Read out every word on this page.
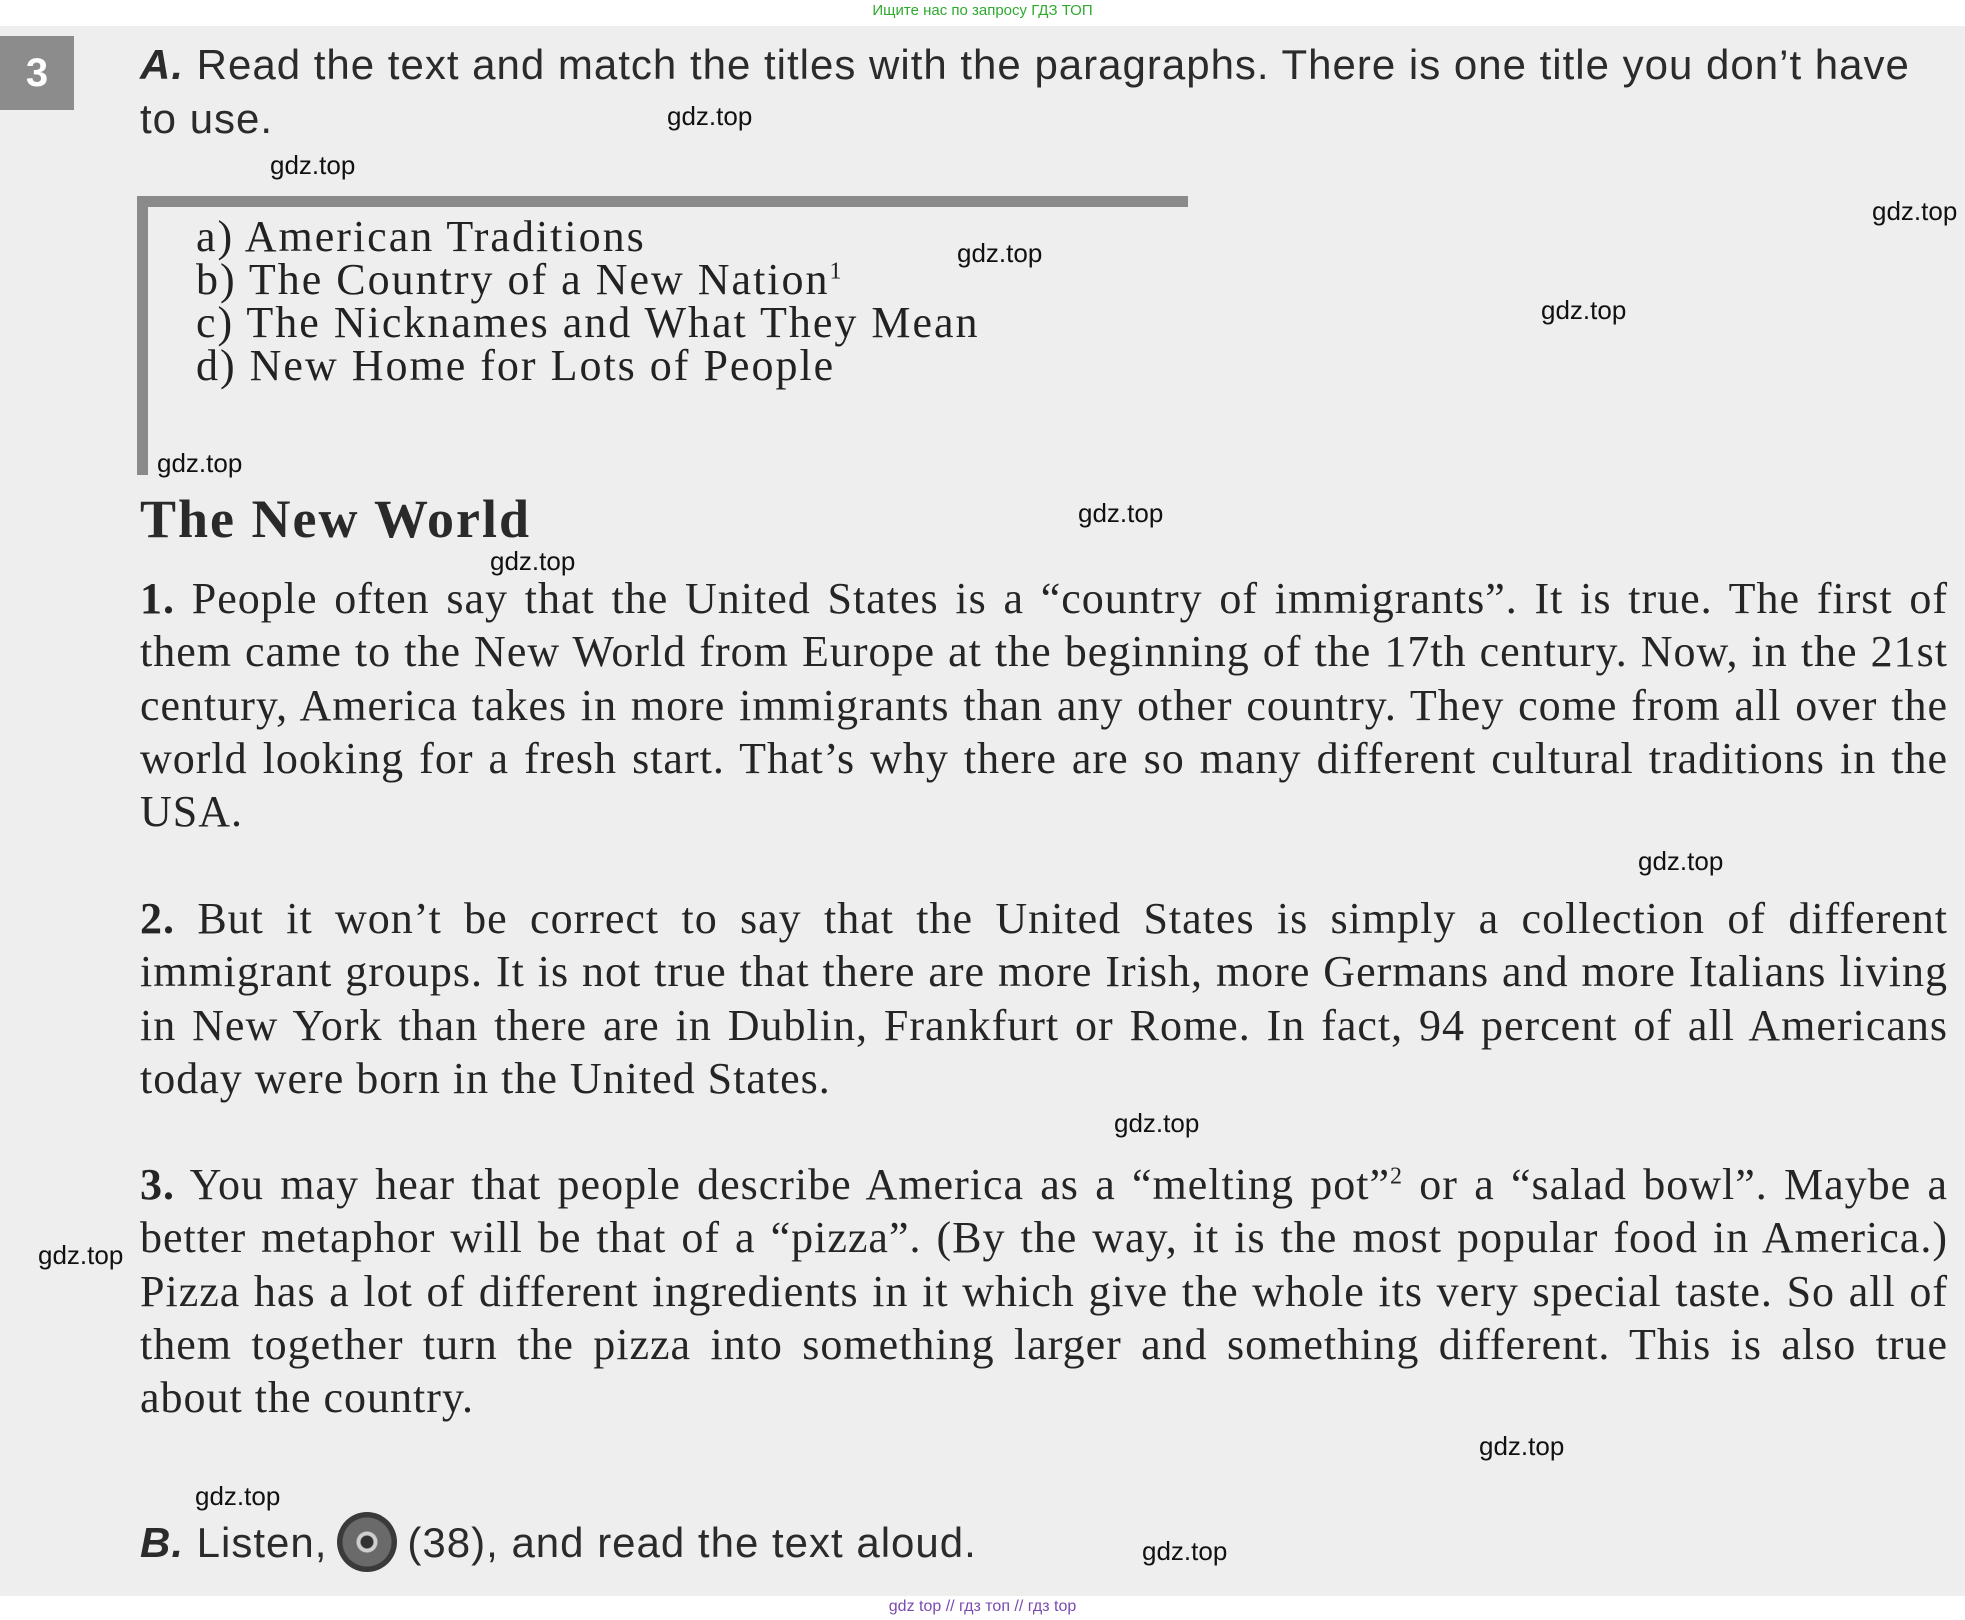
Ищите нас по запросу ГДЗ ТОП
3	A. Read the text and match the titles with the paragraphs. There is one title you don’t have to use.
a) American Traditions
b) The Country of a New Nation$^1$
c) The Nicknames and What They Mean
d) New Home for Lots of People
The New World
1. People often say that the United States is a “country of immigrants”. It is true. The first of them came to the New World from Europe at the beginning of the 17th century. Now, in the 21st century, America takes in more immigrants than any other country. They come from all over the world looking for a fresh start. That’s why there are so many different cultural traditions in the USA.
2. But it won’t be correct to say that the United States is simply a collection of different immigrant groups. It is not true that there are more Irish, more Germans and more Italians living in New York than there are in Dublin, Frankfurt or Rome. In fact, 94 percent of all Americans today were born in the United States.
3. You may hear that people describe America as a “melting pot”$^2$ or a “salad bowl”. Maybe a better metaphor will be that of a “pizza”. (By the way, it is the most popular food in America.) Pizza has a lot of different ingredients in it which give the whole its very special taste. So all of them together turn the pizza into something larger and something different. This is also true about the country.
B. Listen, (38), and read the text aloud.
gdz.top
gdz.top
gdz.top
gdz.top
gdz.top
gdz.top
gdz.top
gdz.top
gdz.top
gdz.top
gdz.top
gdz.top
gdz.top
gdz.top
gdz top // гдз топ // гдз top
